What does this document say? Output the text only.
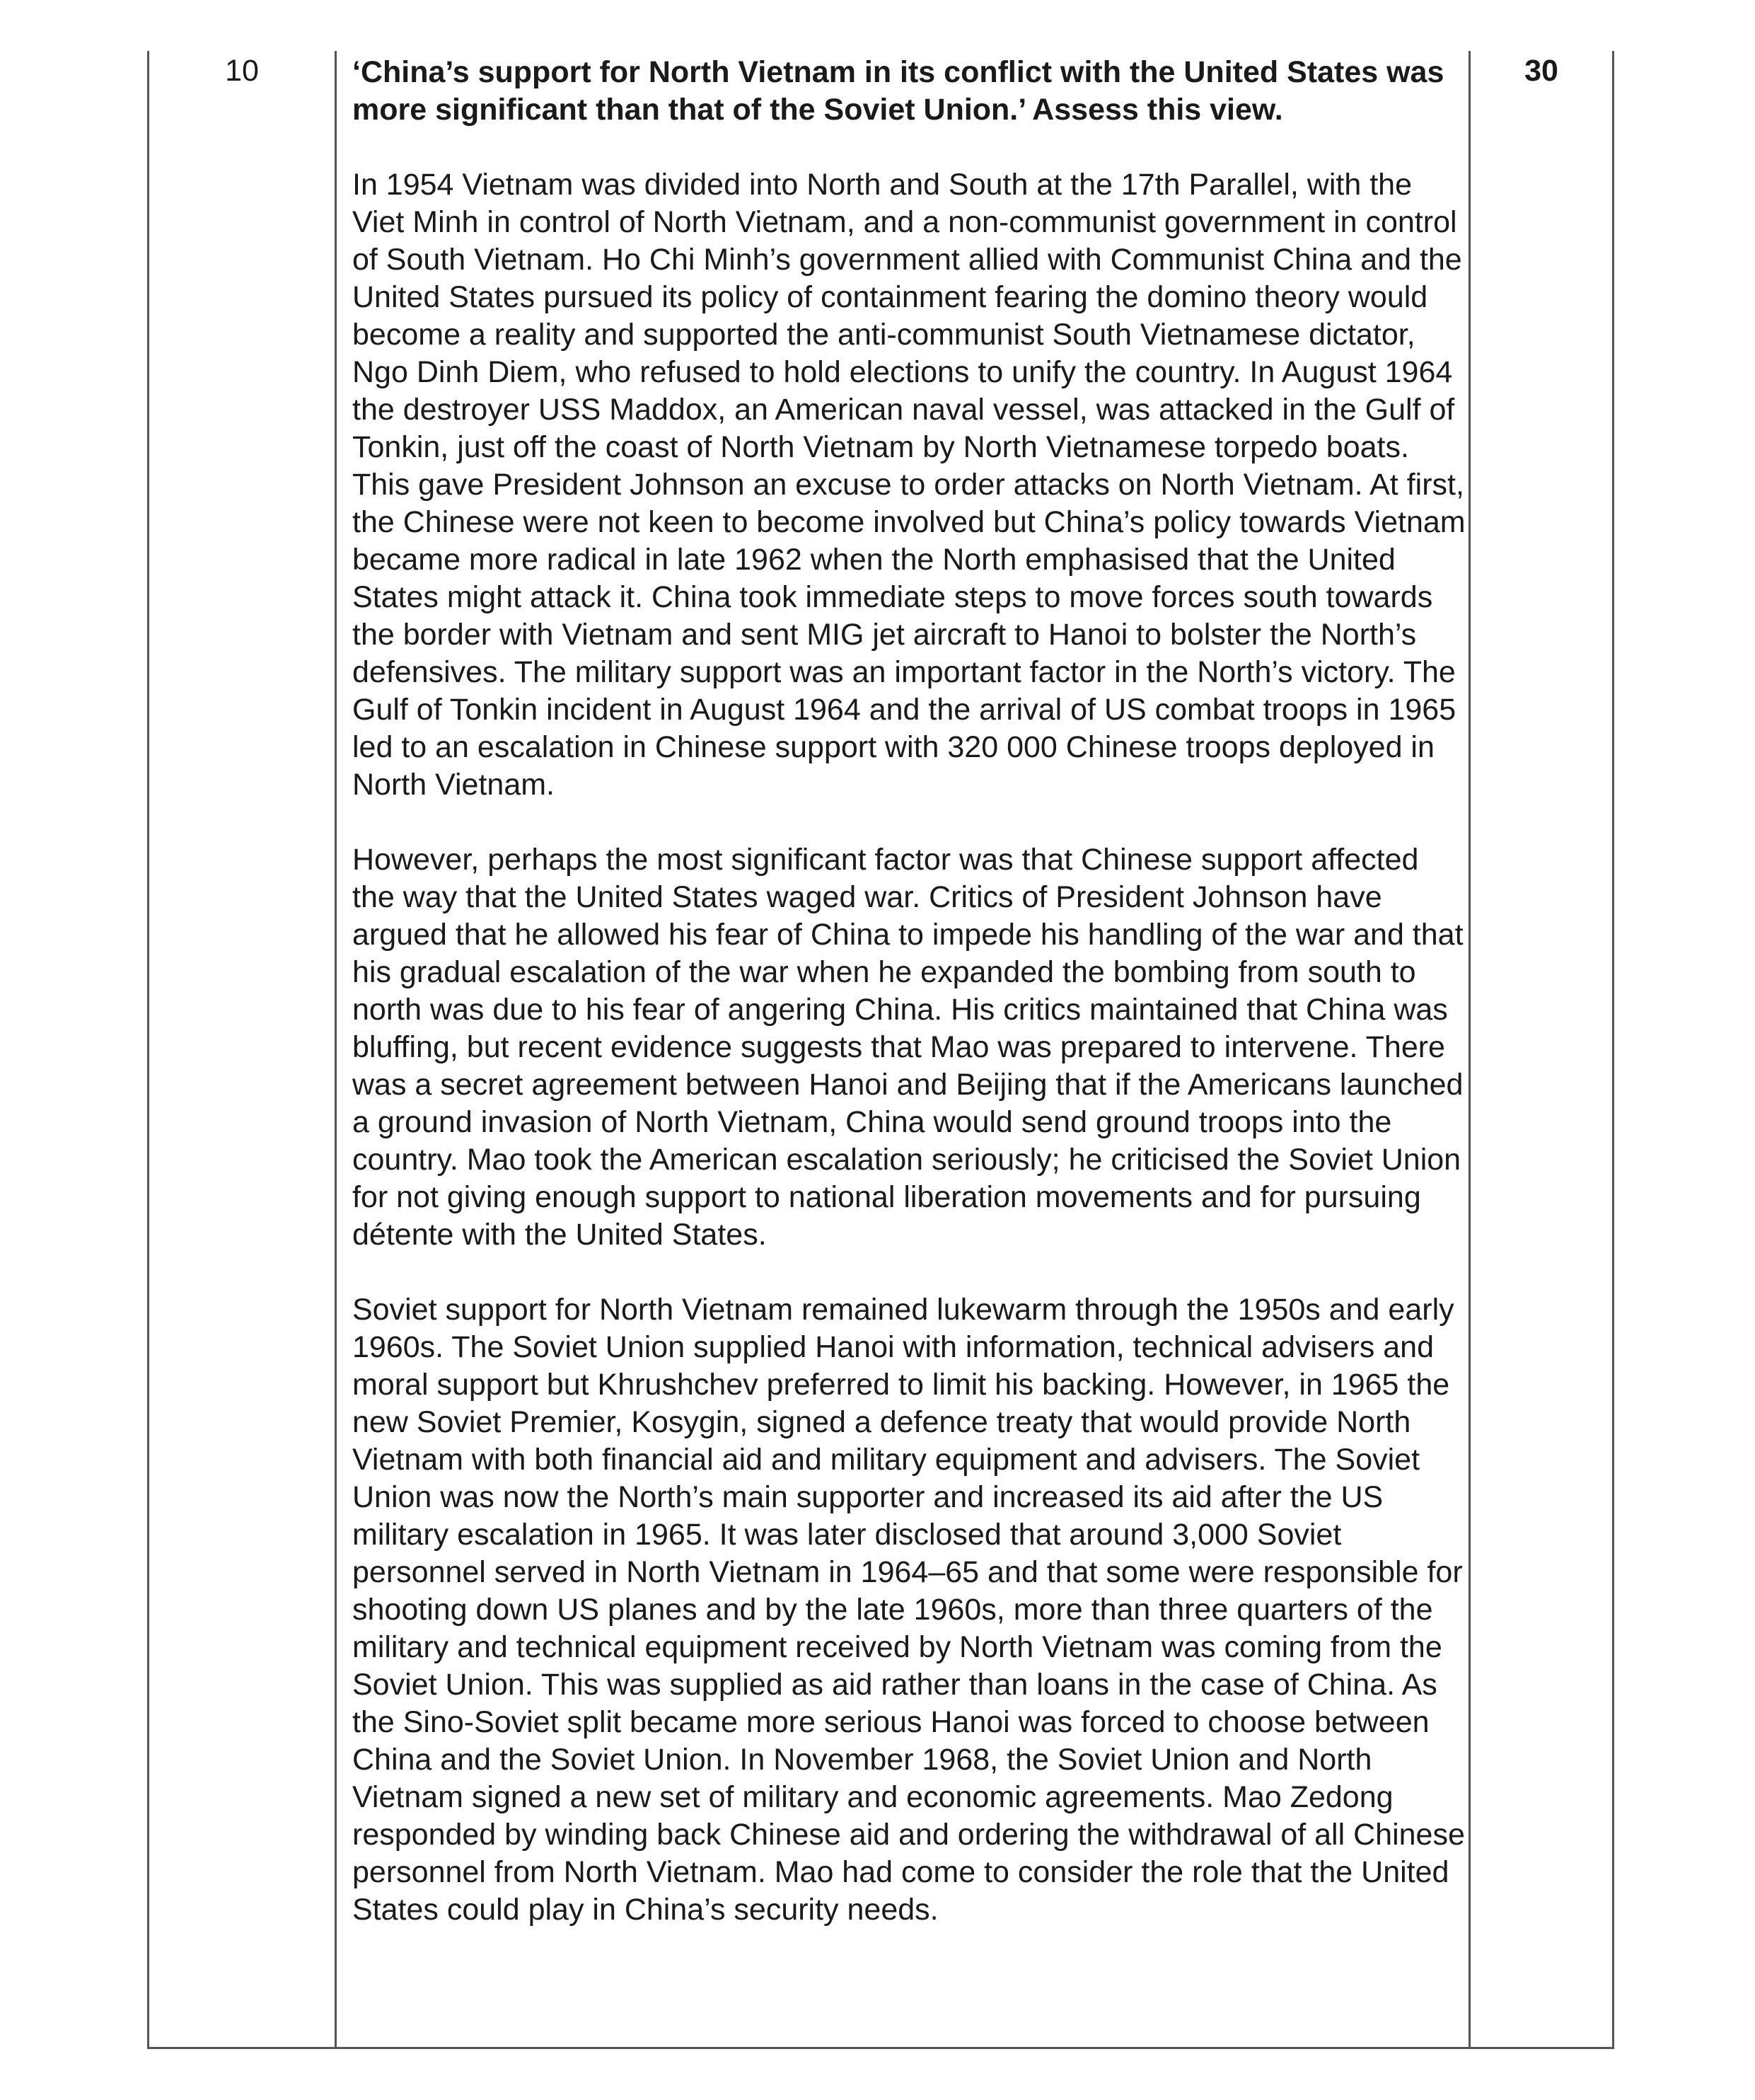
10	‘China’s support for North Vietnam in its conflict with the United States was more significant than that of the Soviet Union.’ Assess this view.

In 1954 Vietnam was divided into North and South at the 17th Parallel, with the Viet Minh in control of North Vietnam, and a non-communist government in control of South Vietnam. Ho Chi Minh’s government allied with Communist China and the United States pursued its policy of containment fearing the domino theory would become a reality and supported the anti-communist South Vietnamese dictator, Ngo Dinh Diem, who refused to hold elections to unify the country. In August 1964 the destroyer USS Maddox, an American naval vessel, was attacked in the Gulf of Tonkin, just off the coast of North Vietnam by North Vietnamese torpedo boats. This gave President Johnson an excuse to order attacks on North Vietnam. At first, the Chinese were not keen to become involved but China’s policy towards Vietnam became more radical in late 1962 when the North emphasised that the United States might attack it. China took immediate steps to move forces south towards the border with Vietnam and sent MIG jet aircraft to Hanoi to bolster the North’s defensives. The military support was an important factor in the North’s victory. The Gulf of Tonkin incident in August 1964 and the arrival of US combat troops in 1965 led to an escalation in Chinese support with 320 000 Chinese troops deployed in North Vietnam.

However, perhaps the most significant factor was that Chinese support affected the way that the United States waged war. Critics of President Johnson have argued that he allowed his fear of China to impede his handling of the war and that his gradual escalation of the war when he expanded the bombing from south to north was due to his fear of angering China. His critics maintained that China was bluffing, but recent evidence suggests that Mao was prepared to intervene. There was a secret agreement between Hanoi and Beijing that if the Americans launched a ground invasion of North Vietnam, China would send ground troops into the country. Mao took the American escalation seriously; he criticised the Soviet Union for not giving enough support to national liberation movements and for pursuing détente with the United States.

Soviet support for North Vietnam remained lukewarm through the 1950s and early 1960s. The Soviet Union supplied Hanoi with information, technical advisers and moral support but Khrushchev preferred to limit his backing. However, in 1965 the new Soviet Premier, Kosygin, signed a defence treaty that would provide North Vietnam with both financial aid and military equipment and advisers. The Soviet Union was now the North’s main supporter and increased its aid after the US military escalation in 1965. It was later disclosed that around 3,000 Soviet personnel served in North Vietnam in 1964–65 and that some were responsible for shooting down US planes and by the late 1960s, more than three quarters of the military and technical equipment received by North Vietnam was coming from the Soviet Union. This was supplied as aid rather than loans in the case of China. As the Sino-Soviet split became more serious Hanoi was forced to choose between China and the Soviet Union. In November 1968, the Soviet Union and North Vietnam signed a new set of military and economic agreements. Mao Zedong responded by winding back Chinese aid and ordering the withdrawal of all Chinese personnel from North Vietnam. Mao had come to consider the role that the United States could play in China’s security needs.

30
